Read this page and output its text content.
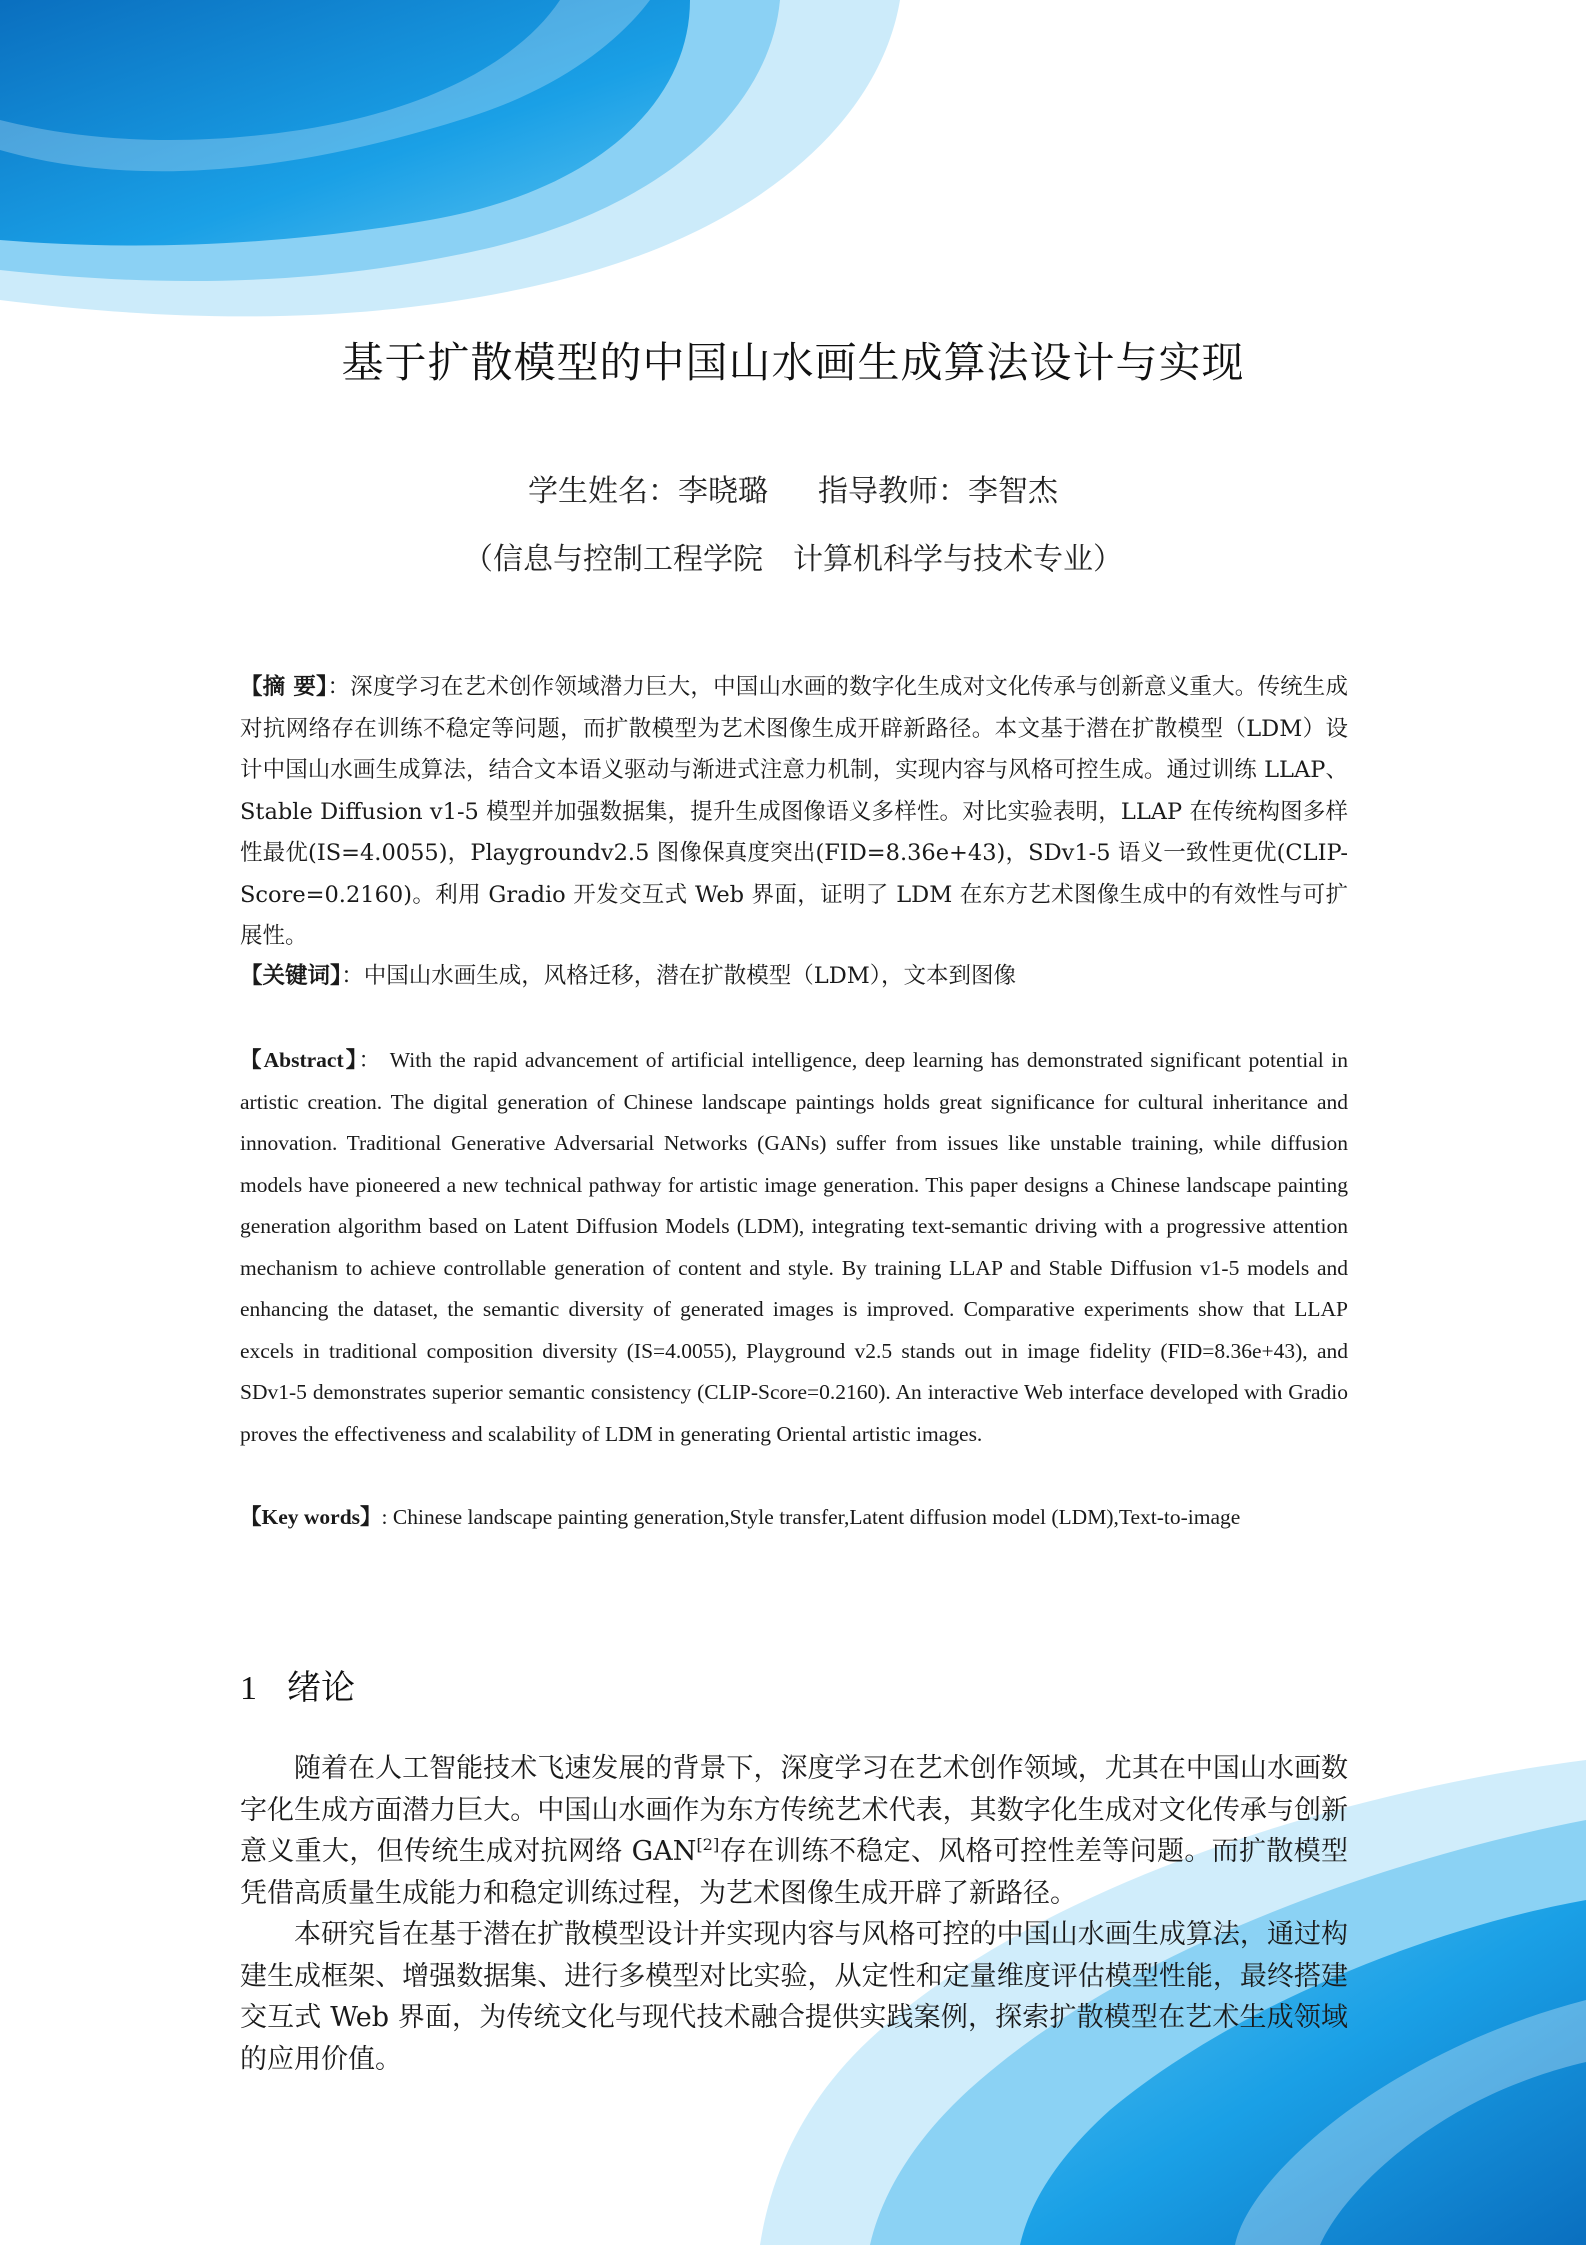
基于扩散模型的中国山水画生成算法设计与实现
学生姓名：李晓璐 指导教师：李智杰
（信息与控制工程学院　计算机科学与技术专业）
【摘 要】：深度学习在艺术创作领域潜力巨大，中国山水画的数字化生成对文化传承与创新意义重大。传统生成对抗网络存在训练不稳定等问题，而扩散模型为艺术图像生成开辟新路径。本文基于潜在扩散模型（LDM）设计中国山水画生成算法，结合文本语义驱动与渐进式注意力机制，实现内容与风格可控生成。通过训练 LLAP、Stable Diffusion v1-5 模型并加强数据集，提升生成图像语义多样性。对比实验表明，LLAP 在传统构图多样性最优(IS=4.0055)，Playgroundv2.5 图像保真度突出(FID=8.36e+43)，SDv1-5 语义一致性更优(CLIP-Score=0.2160)。利用 Gradio 开发交互式 Web 界面，证明了 LDM 在东方艺术图像生成中的有效性与可扩展性。
【关键词】：中国山水画生成，风格迁移，潜在扩散模型（LDM），文本到图像
【Abstract】： With the rapid advancement of artificial intelligence, deep learning has demonstrated significant potential in artistic creation. The digital generation of Chinese landscape paintings holds great significance for cultural inheritance and innovation. Traditional Generative Adversarial Networks (GANs) suffer from issues like unstable training, while diffusion models have pioneered a new technical pathway for artistic image generation. This paper designs a Chinese landscape painting generation algorithm based on Latent Diffusion Models (LDM), integrating text-semantic driving with a progressive attention mechanism to achieve controllable generation of content and style. By training LLAP and Stable Diffusion v1-5 models and enhancing the dataset, the semantic diversity of generated images is improved. Comparative experiments show that LLAP excels in traditional composition diversity (IS=4.0055), Playground v2.5 stands out in image fidelity (FID=8.36e+43), and SDv1-5 demonstrates superior semantic consistency (CLIP-Score=0.2160). An interactive Web interface developed with Gradio proves the effectiveness and scalability of LDM in generating Oriental artistic images.
【Key words】: Chinese landscape painting generation,Style transfer,Latent diffusion model (LDM),Text-to-image
1 绪论

随着在人工智能技术飞速发展的背景下，深度学习在艺术创作领域，尤其在中国山水画数字化生成方面潜力巨大。中国山水画作为东方传统艺术代表，其数字化生成对文化传承与创新意义重大，但传统生成对抗网络 GAN[2]存在训练不稳定、风格可控性差等问题。而扩散模型凭借高质量生成能力和稳定训练过程，为艺术图像生成开辟了新路径。

本研究旨在基于潜在扩散模型设计并实现内容与风格可控的中国山水画生成算法，通过构建生成框架、增强数据集、进行多模型对比实验，从定性和定量维度评估模型性能，最终搭建交互式 Web 界面，为传统文化与现代技术融合提供实践案例，探索扩散模型在艺术生成领域的应用价值。
